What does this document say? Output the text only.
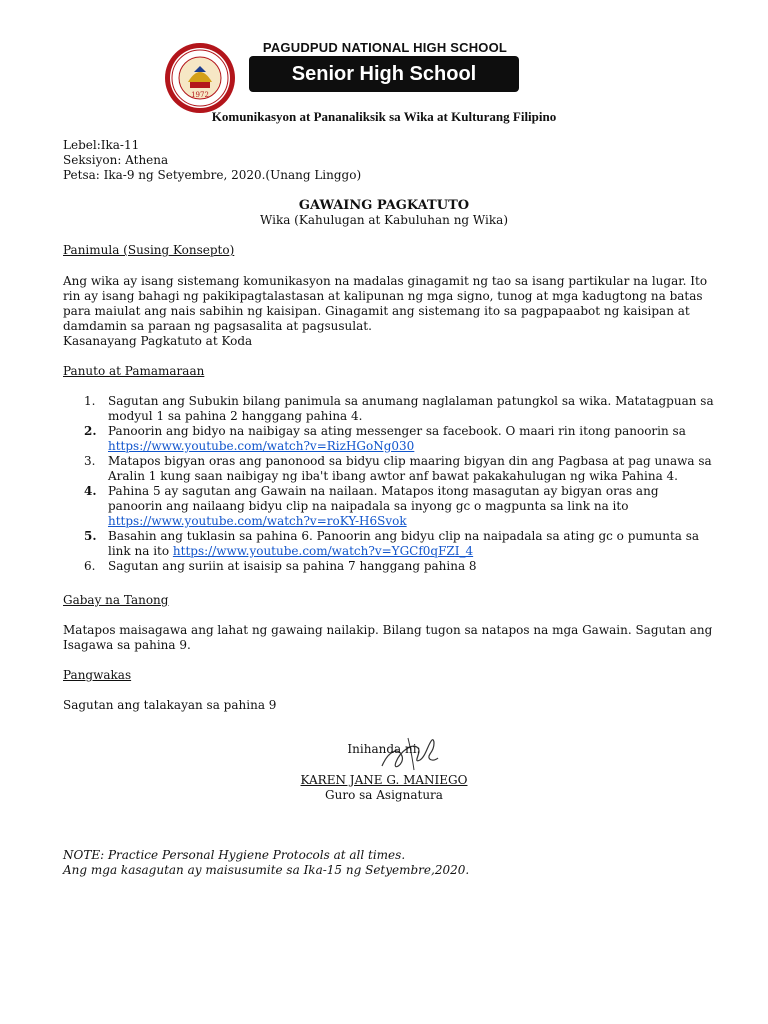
1972
PAGUDPUD NATIONAL HIGH SCHOOL
Senior High School
Komunikasyon at Pananaliksik sa Wika at Kulturang Filipino
Lebel:Ika-11
Seksiyon: Athena
Petsa: Ika-9 ng Setyembre, 2020.(Unang Linggo)
GAWAING PAGKATUTO
Wika (Kahulugan at Kabuluhan ng Wika)
Panimula (Susing Konsepto)
Ang wika ay isang sistemang komunikasyon na madalas ginagamit ng tao sa isang partikular na lugar. Ito
rin ay isang bahagi ng pakikipagtalastasan at kalipunan ng mga signo, tunog at mga kadugtong na batas
para maiulat ang nais sabihin ng kaisipan. Ginagamit ang sistemang ito sa pagpapaabot ng kaisipan at
damdamin sa paraan ng pagsasalita at pagsusulat.
Kasanayang Pagkatuto at Koda
Panuto at Pamamaraan
1. Sagutan ang Subukin bilang panimula sa anumang naglalaman patungkol sa wika. Matatagpuan sa
modyul 1 sa pahina 2 hanggang pahina 4.
2. Panoorin ang bidyo na naibigay sa ating messenger sa facebook. O maari rin itong panoorin sa
https://www.youtube.com/watch?v=RizHGoNg030
3. Matapos bigyan oras ang panonood sa bidyu clip maaring bigyan din ang Pagbasa at pag unawa sa
Aralin 1 kung saan naibigay ng iba't ibang awtor anf bawat pakakahulugan ng wika Pahina 4.
4. Pahina 5 ay sagutan ang Gawain na nailaan. Matapos itong masagutan ay bigyan oras ang
panoorin ang nailaang bidyu clip na naipadala sa inyong gc o magpunta sa link na ito
https://www.youtube.com/watch?v=roKY-H6Svok
5. Basahin ang tuklasin sa pahina 6. Panoorin ang bidyu clip na naipadala sa ating gc o pumunta sa
link na ito https://www.youtube.com/watch?v=YGCf0qFZI_4
6. Sagutan ang suriin at isaisip sa pahina 7 hanggang pahina 8
Gabay na Tanong
Matapos maisagawa ang lahat ng gawaing nailakip. Bilang tugon sa natapos na mga Gawain. Sagutan ang
Isagawa sa pahina 9.
Pangwakas
Sagutan ang talakayan sa pahina 9
Inihanda ni:
KAREN JANE G. MANIEGO
Guro sa Asignatura
NOTE: Practice Personal Hygiene Protocols at all times.
Ang mga kasagutan ay maisusumite sa Ika-15 ng Setyembre,2020.
